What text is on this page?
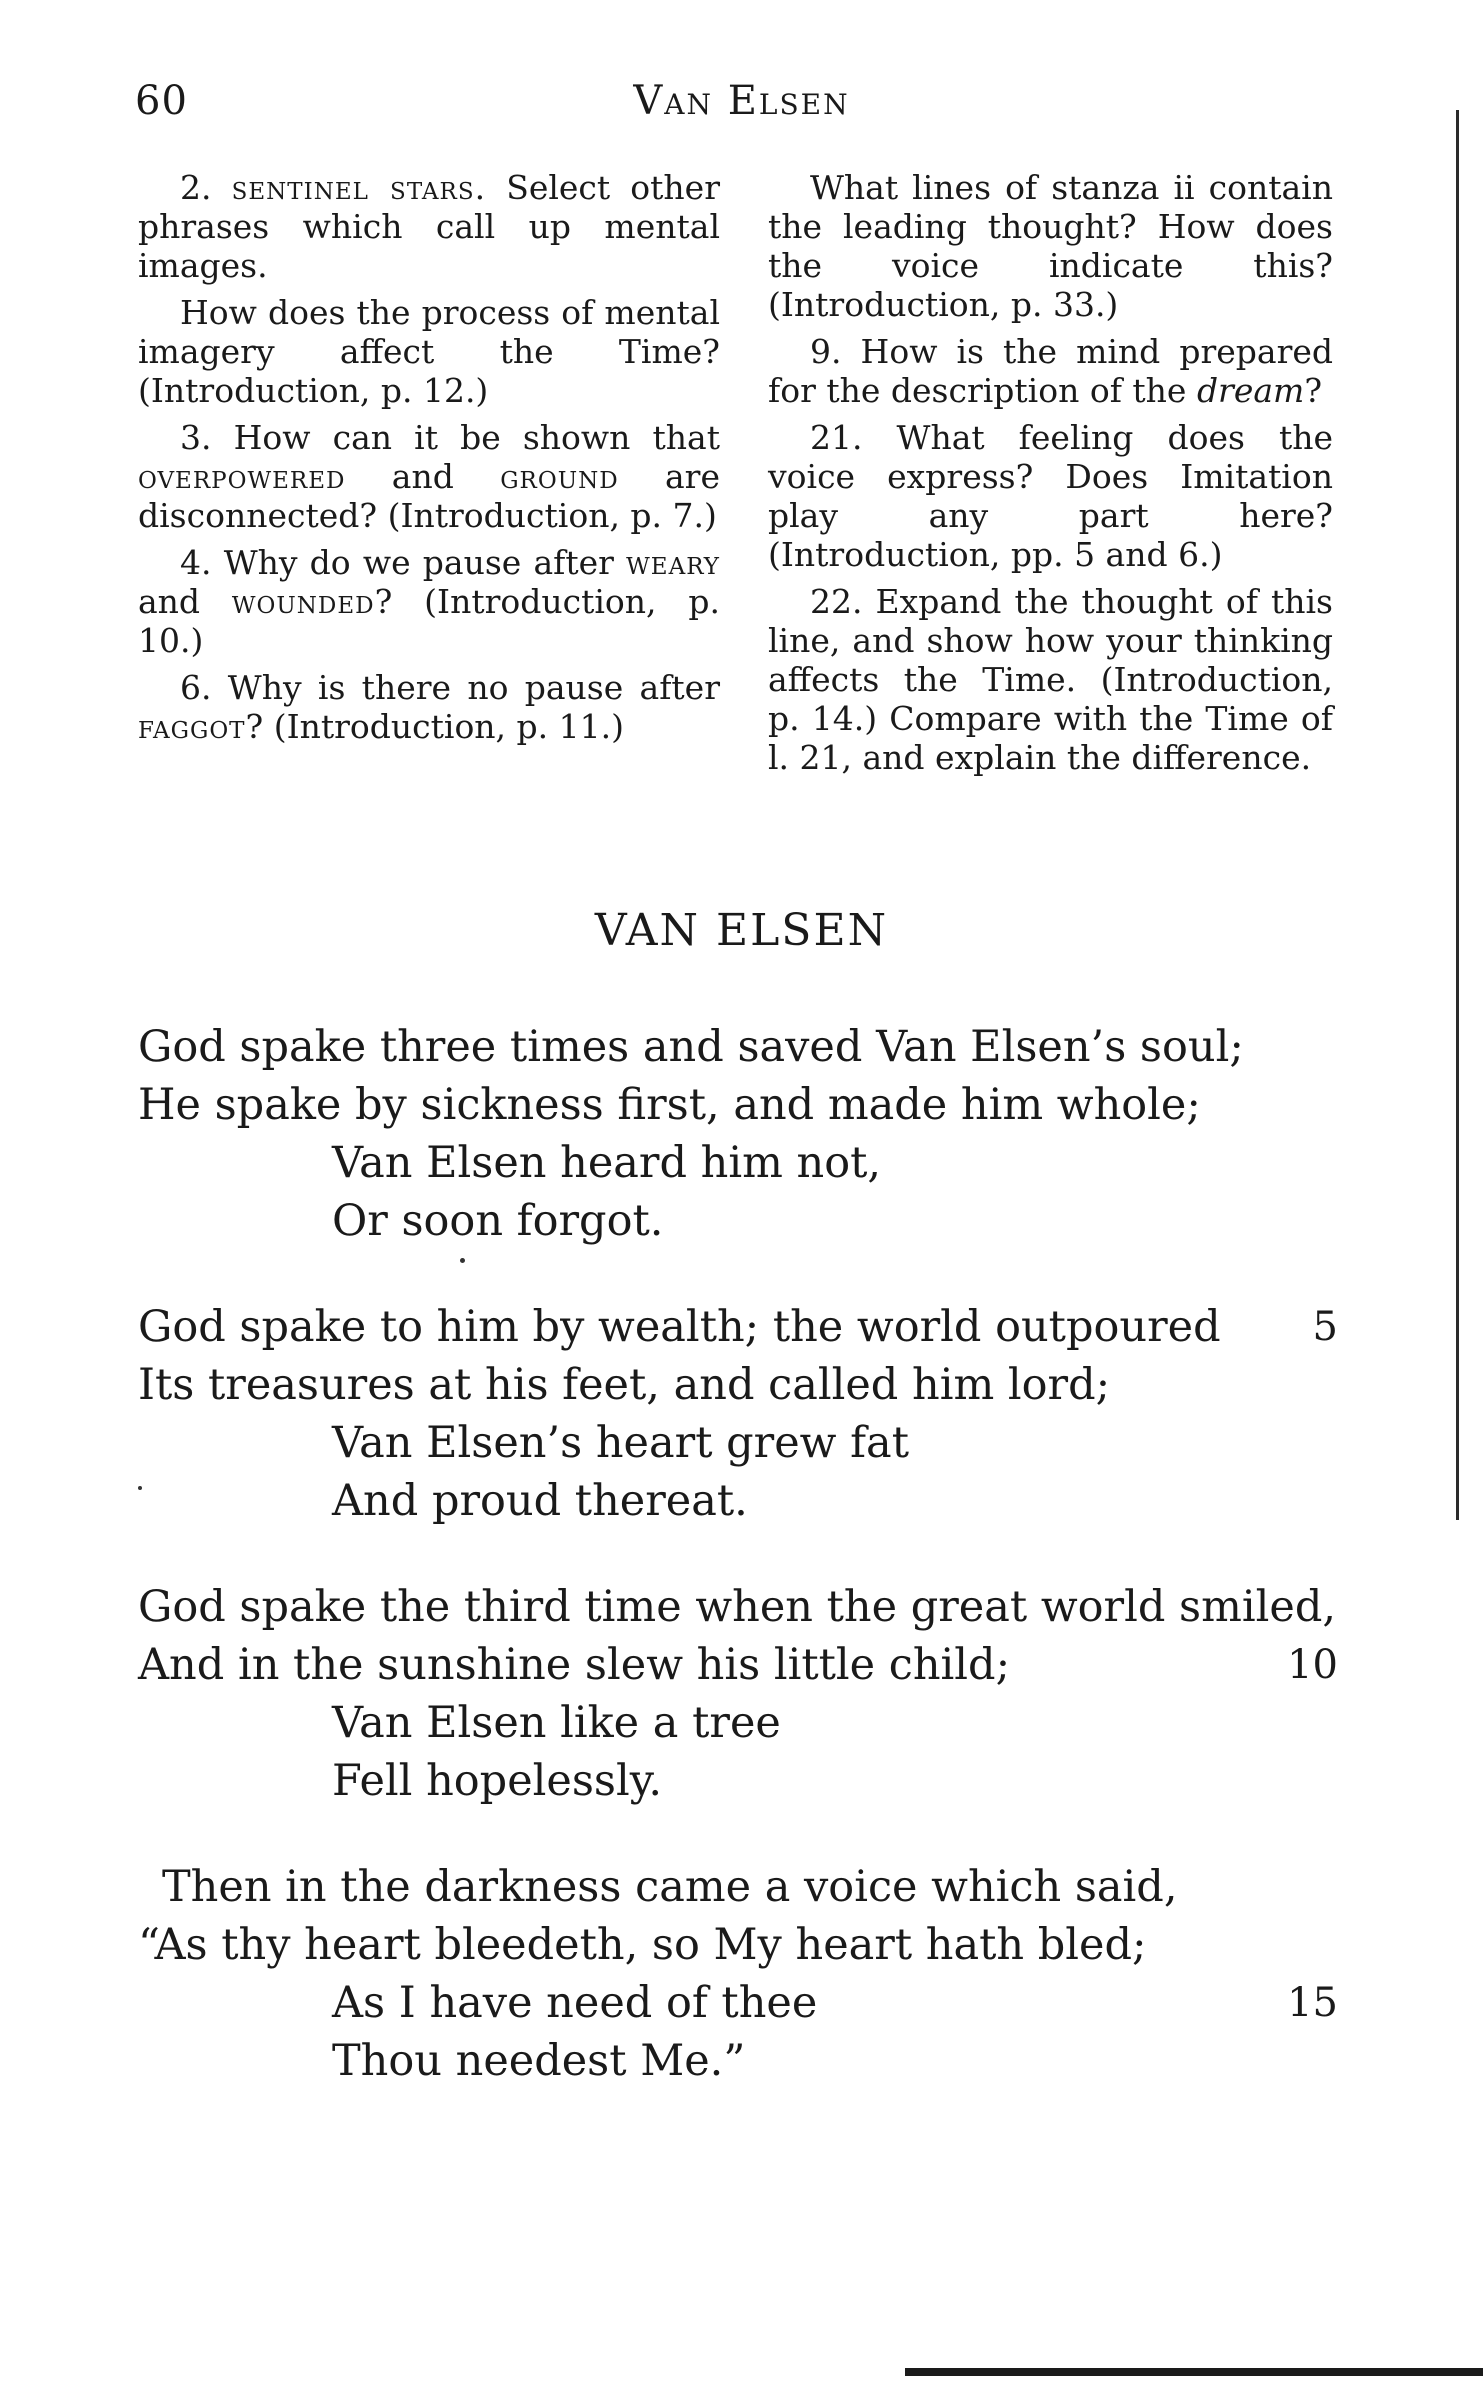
60	Van Elsen

2. sentinel stars. Select other phrases which call up mental images.

How does the process of mental imagery affect the Time? (Introduction, p. 12.)

3. How can it be shown that overpowered and ground are disconnected? (Introduction, p. 7.)

4. Why do we pause after weary and wounded? (Introduction, p. 10.)

6. Why is there no pause after faggot? (Introduction, p. 11.)

What lines of stanza ii contain the leading thought? How does the voice indicate this? (Introduction, p. 33.)

9. How is the mind prepared for the description of the dream?

21. What feeling does the voice express? Does Imitation play any part here? (Introduction, pp. 5 and 6.)

22. Expand the thought of this line, and show how your thinking affects the Time. (Introduction, p. 14.) Compare with the Time of l. 21, and explain the difference.

VAN ELSEN
God spake three times and saved Van Elsen’s soul;
He spake by sickness first, and made him whole;
Van Elsen heard him not,
Or soon forgot.
God spake to him by wealth; the world outpoured 5
Its treasures at his feet, and called him lord;
Van Elsen’s heart grew fat
And proud thereat.
God spake the third time when the great world smiled,
And in the sunshine slew his little child;	10
Van Elsen like a tree
Fell hopelessly.
Then in the darkness came a voice which said,
“As thy heart bleedeth, so My heart hath bled;
As I have need of thee	15
Thou needest Me.”
